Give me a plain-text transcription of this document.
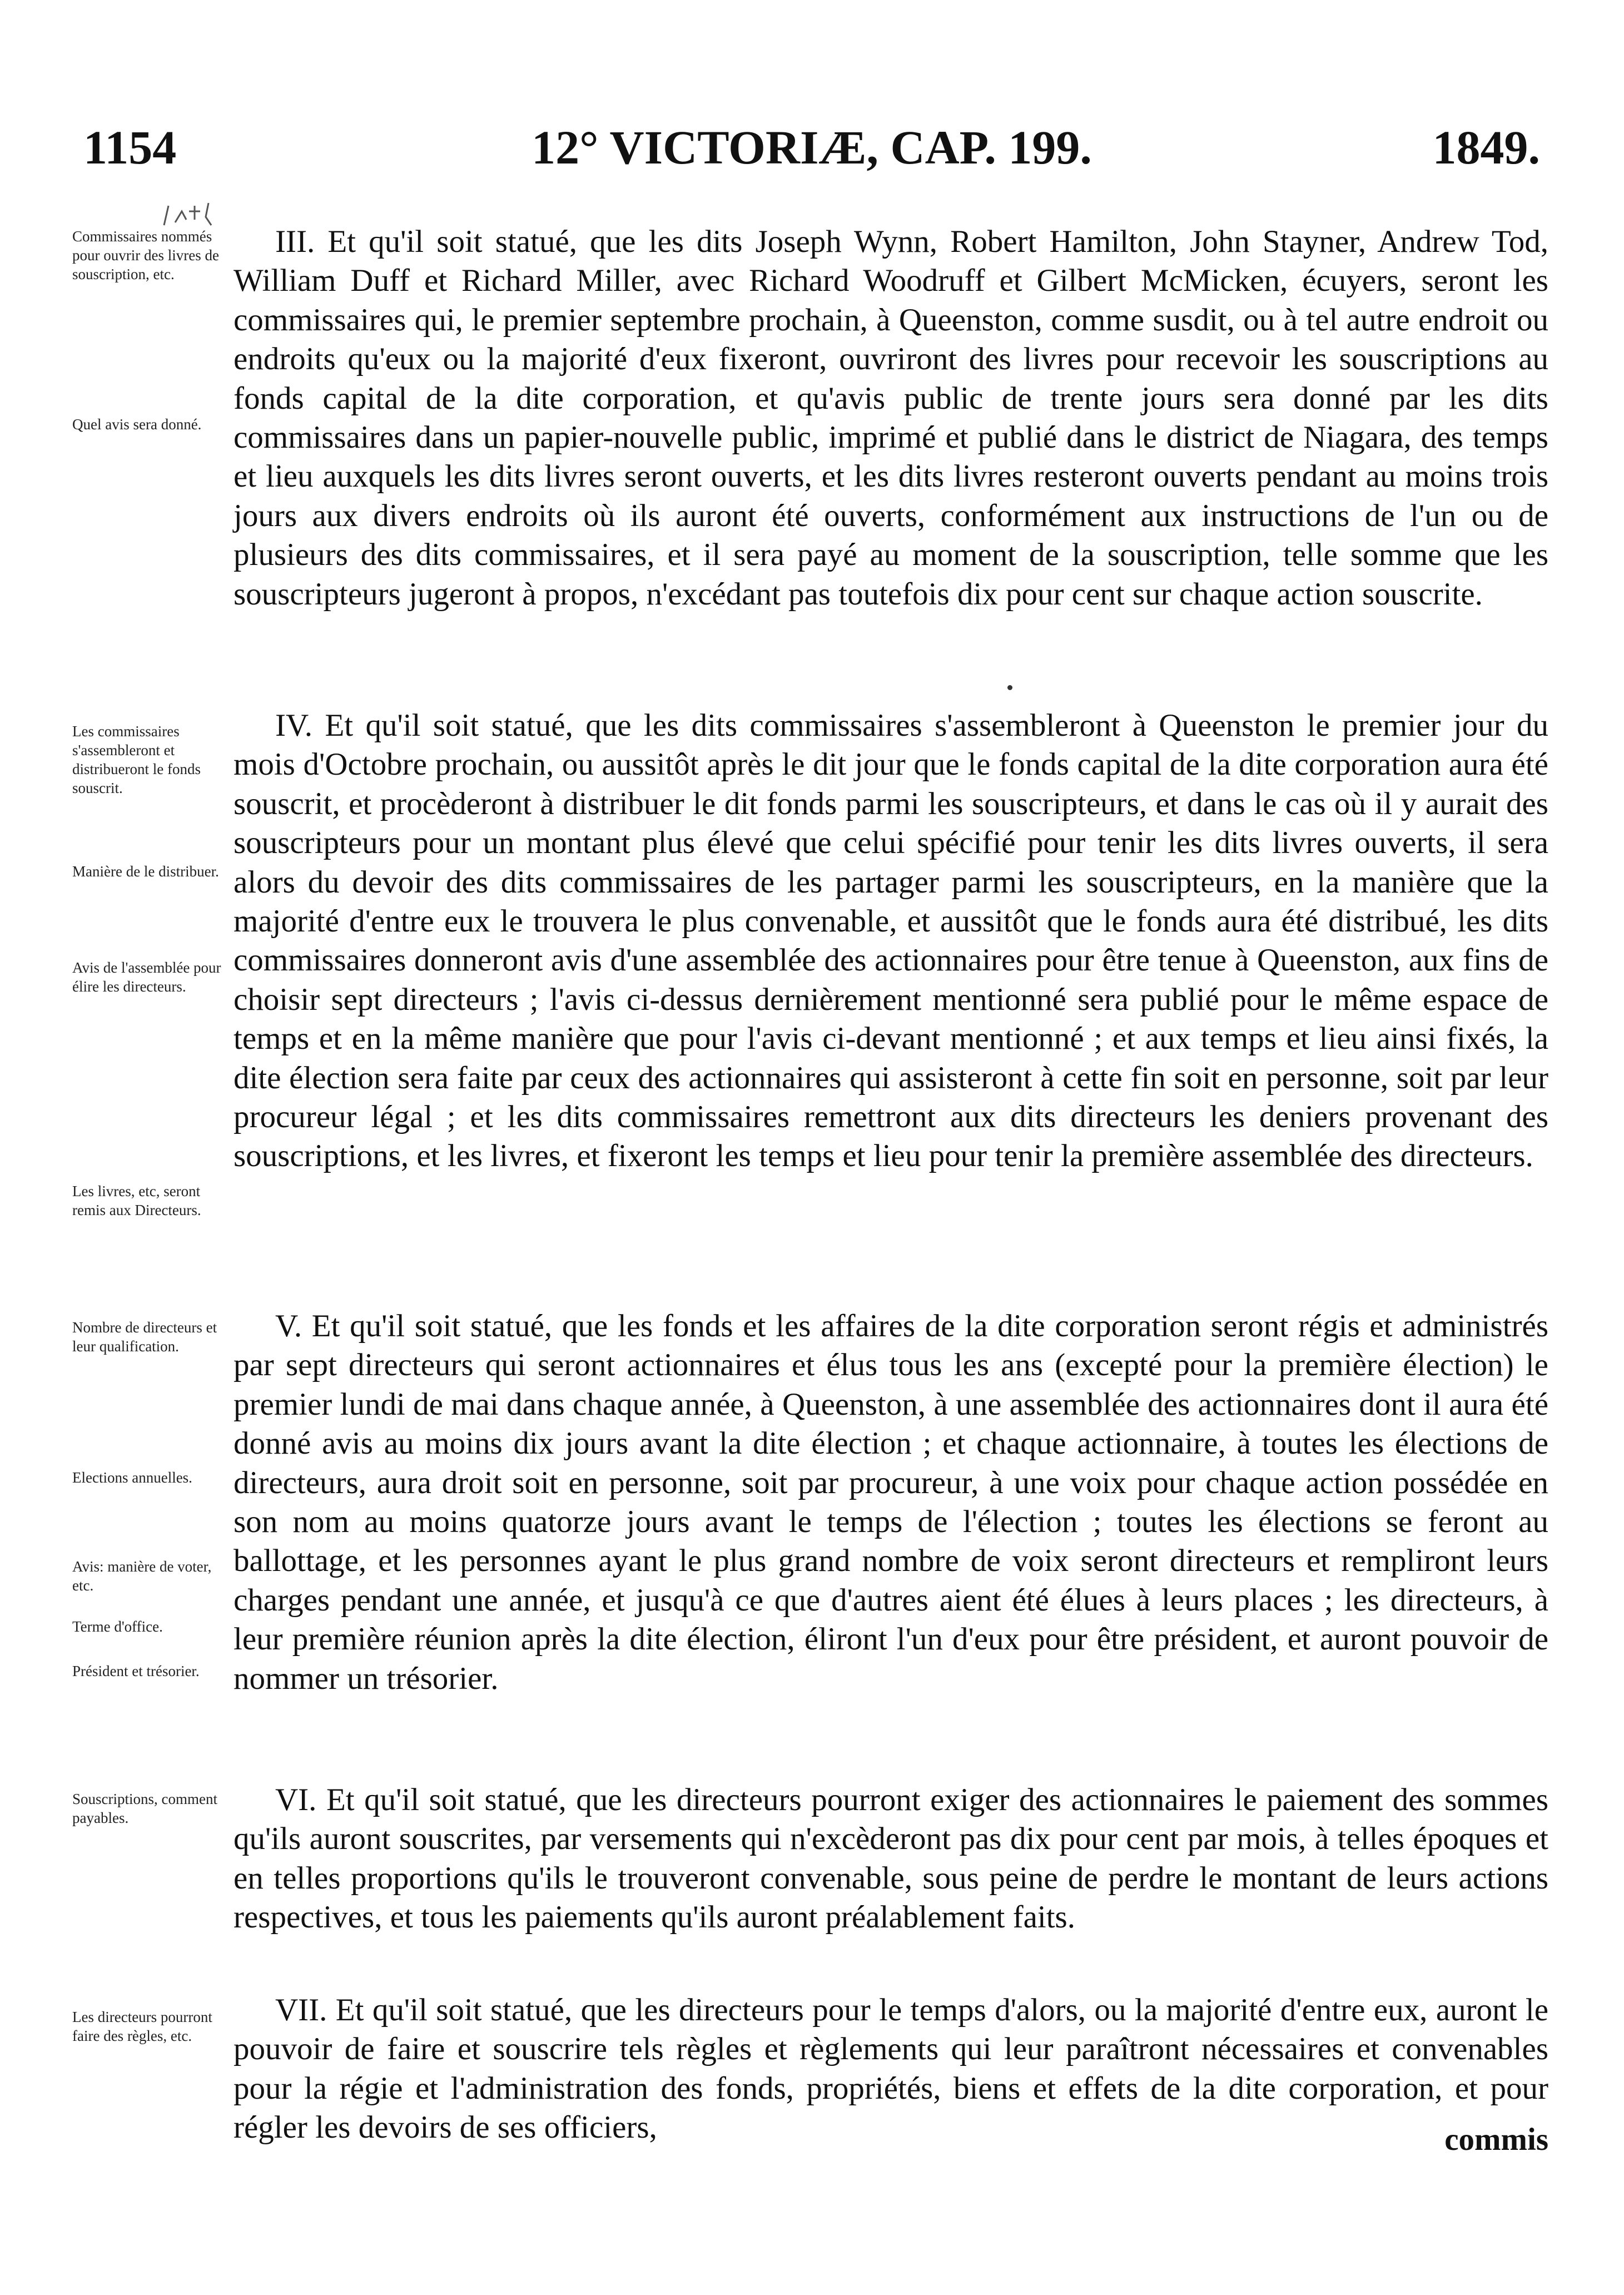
1154	12° VICTORIÆ, CAP. 199.	1849.
Commissaires nommés pour ouvrir des livres de souscription, etc.
Quel avis sera donné.
Les commissaires s'assembleront et distribueront le fonds souscrit.
Manière de le distribuer.
Avis de l'assemblée pour élire les directeurs.
Les livres, etc, seront remis aux Directeurs.
Nombre de directeurs et leur qualification.
Elections annuelles.
Avis: manière de voter, etc.
Terme d'office.
Président et trésorier.
Souscriptions, comment payables.
Les directeurs pourront faire des règles, etc.

III. Et qu'il soit statué, que les dits Joseph Wynn, Robert Hamilton, John Stayner, Andrew Tod, William Duff et Richard Miller, avec Richard Woodruff et Gilbert McMicken, écuyers, seront les commissaires qui, le premier septembre prochain, à Queenston, comme susdit, ou à tel autre endroit ou endroits qu'eux ou la majorité d'eux fixeront, ouvriront des livres pour recevoir les souscriptions au fonds capital de la dite corporation, et qu'avis public de trente jours sera donné par les dits commissaires dans un papier-nouvelle public, imprimé et publié dans le district de Niagara, des temps et lieu auxquels les dits livres seront ouverts, et les dits livres resteront ouverts pendant au moins trois jours aux divers endroits où ils auront été ouverts, conformément aux instructions de l'un ou de plusieurs des dits commissaires, et il sera payé au moment de la souscription, telle somme que les souscripteurs jugeront à propos, n'excédant pas toutefois dix pour cent sur chaque action souscrite.

IV. Et qu'il soit statué, que les dits commissaires s'assembleront à Queenston le premier jour du mois d'Octobre prochain, ou aussitôt après le dit jour que le fonds capital de la dite corporation aura été souscrit, et procèderont à distribuer le dit fonds parmi les souscripteurs, et dans le cas où il y aurait des souscripteurs pour un montant plus élevé que celui spécifié pour tenir les dits livres ouverts, il sera alors du devoir des dits commissaires de les partager parmi les souscripteurs, en la manière que la majorité d'entre eux le trouvera le plus convenable, et aussitôt que le fonds aura été distribué, les dits commissaires donneront avis d'une assemblée des actionnaires pour être tenue à Queenston, aux fins de choisir sept directeurs ; l'avis ci-dessus dernièrement mentionné sera publié pour le même espace de temps et en la même manière que pour l'avis ci-devant mentionné ; et aux temps et lieu ainsi fixés, la dite élection sera faite par ceux des actionnaires qui assisteront à cette fin soit en personne, soit par leur procureur légal ; et les dits commissaires remettront aux dits directeurs les deniers provenant des souscriptions, et les livres, et fixeront les temps et lieu pour tenir la première assemblée des directeurs.

V. Et qu'il soit statué, que les fonds et les affaires de la dite corporation seront régis et administrés par sept directeurs qui seront actionnaires et élus tous les ans (excepté pour la première élection) le premier lundi de mai dans chaque année, à Queenston, à une assemblée des actionnaires dont il aura été donné avis au moins dix jours avant la dite élection ; et chaque actionnaire, à toutes les élections de directeurs, aura droit soit en personne, soit par procureur, à une voix pour chaque action possédée en son nom au moins quatorze jours avant le temps de l'élection ; toutes les élections se feront au ballottage, et les personnes ayant le plus grand nombre de voix seront directeurs et rempliront leurs charges pendant une année, et jusqu'à ce que d'autres aient été élues à leurs places ; les directeurs, à leur première réunion après la dite élection, éliront l'un d'eux pour être président, et auront pouvoir de nommer un trésorier.

VI. Et qu'il soit statué, que les directeurs pourront exiger des actionnaires le paiement des sommes qu'ils auront souscrites, par versements qui n'excèderont pas dix pour cent par mois, à telles époques et en telles proportions qu'ils le trouveront convenable, sous peine de perdre le montant de leurs actions respectives, et tous les paiements qu'ils auront préalablement faits.

VII. Et qu'il soit statué, que les directeurs pour le temps d'alors, ou la majorité d'entre eux, auront le pouvoir de faire et souscrire tels règles et règlements qui leur paraîtront nécessaires et convenables pour la régie et l'administration des fonds, propriétés, biens et effets de la dite corporation, et pour régler les devoirs de ses officiers,	commis
